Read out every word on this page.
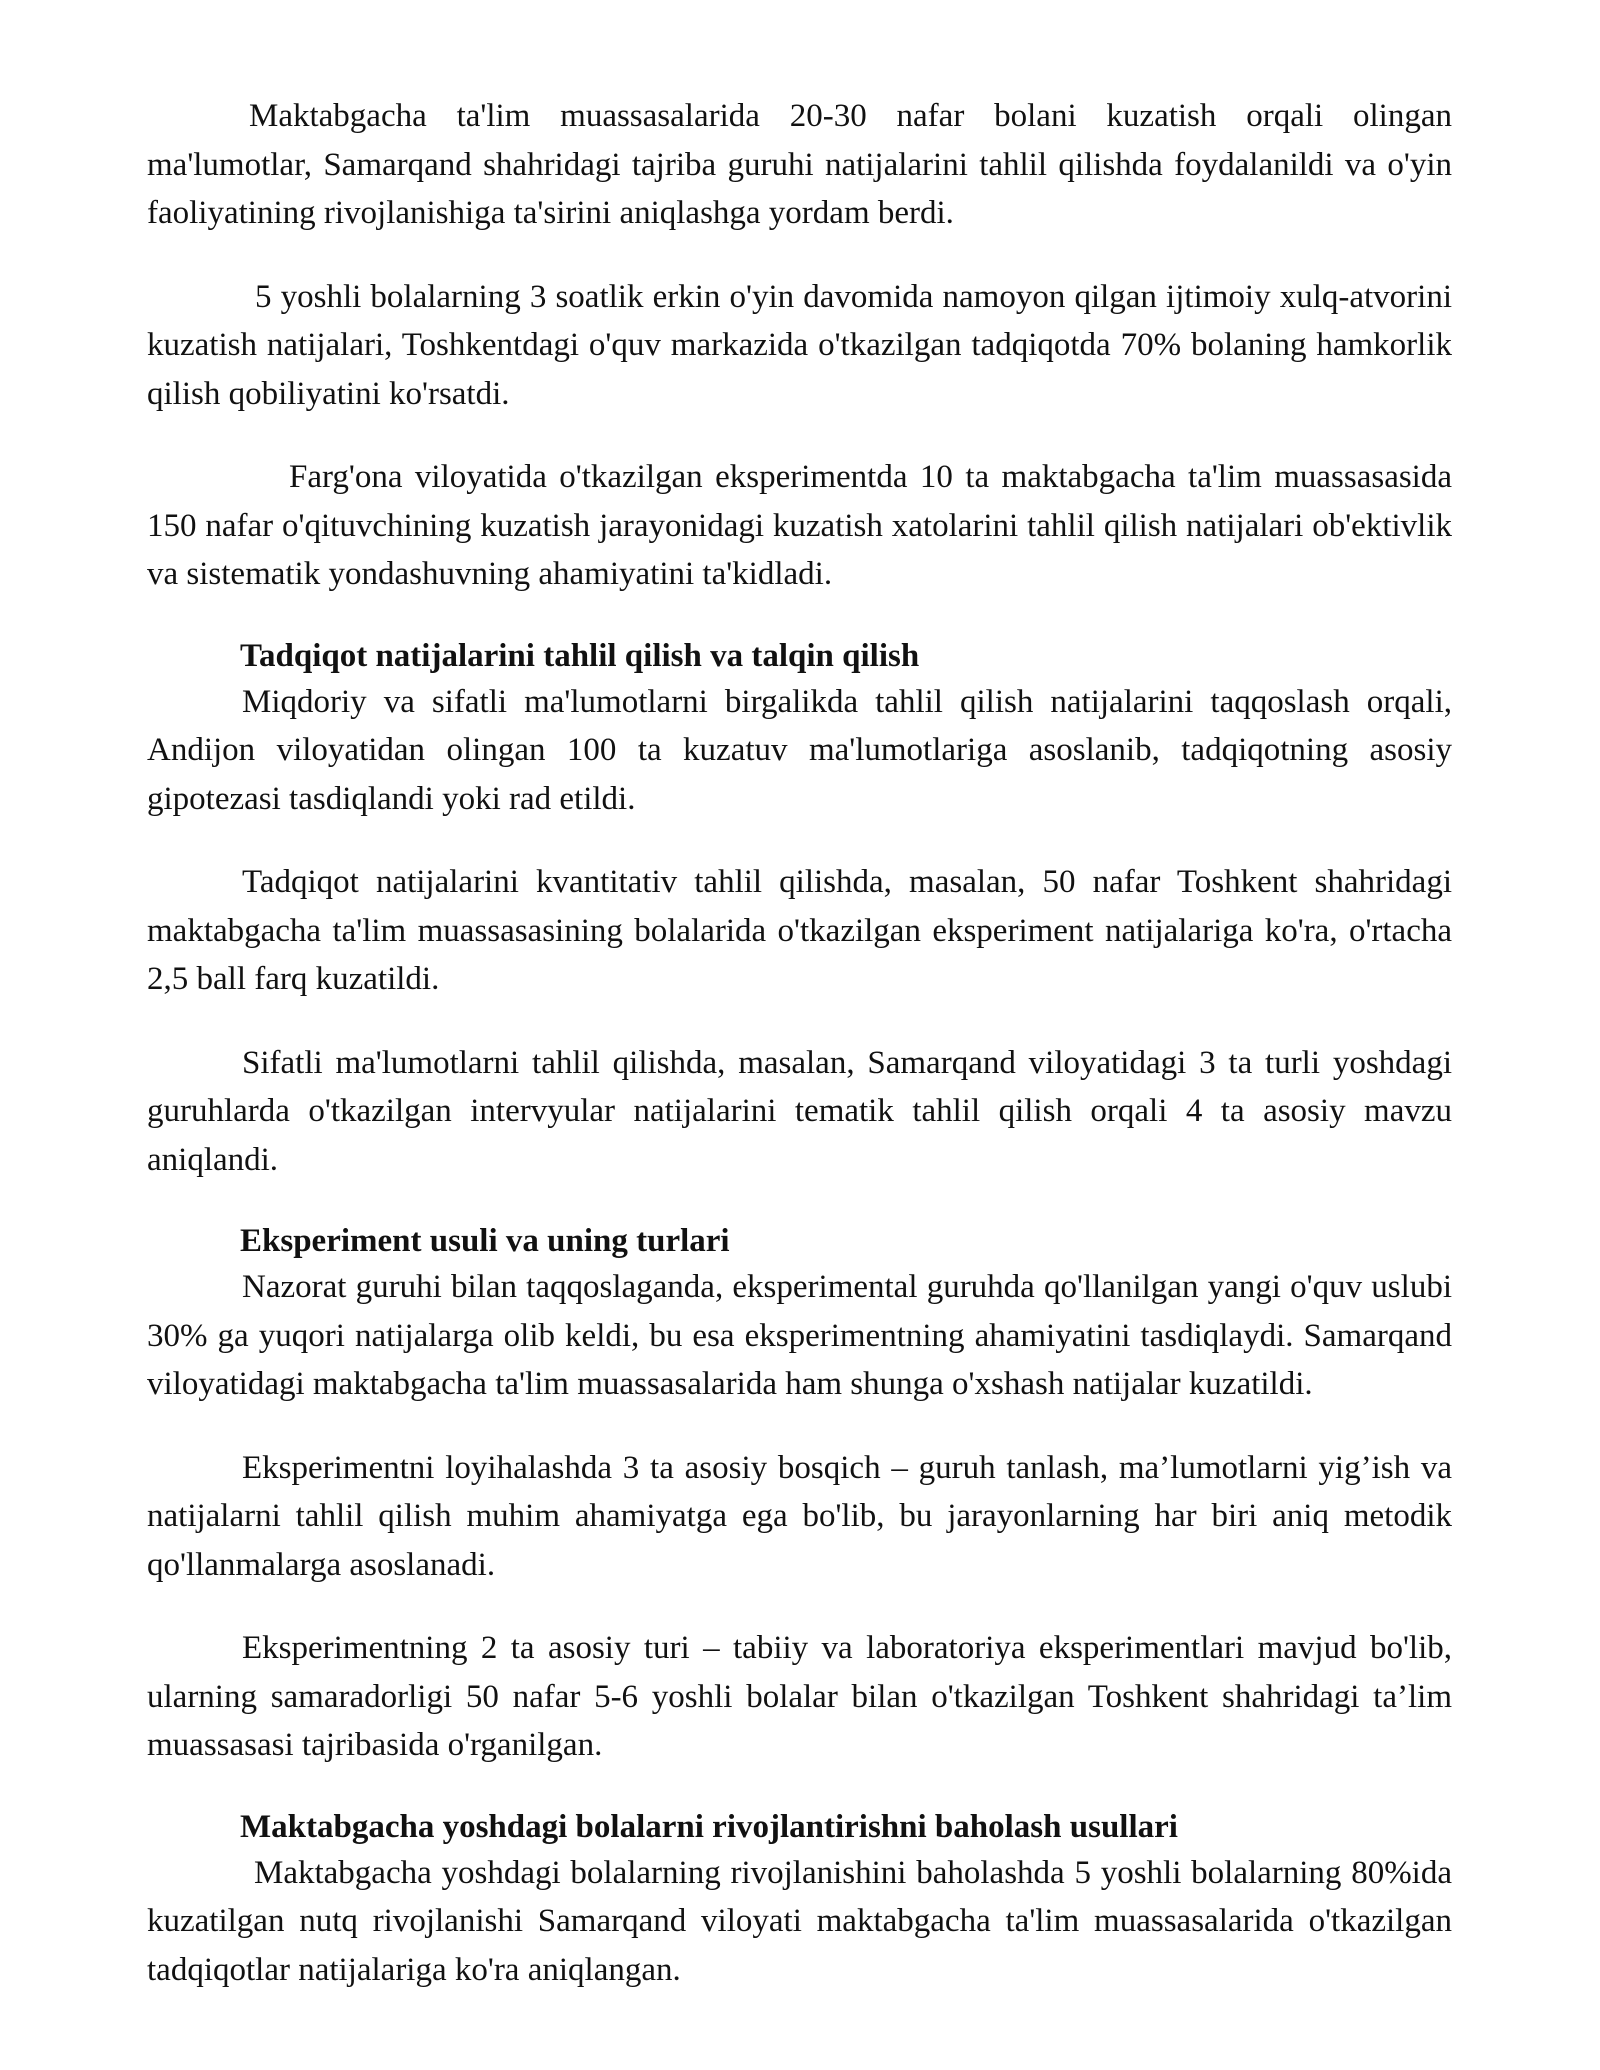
Maktabgacha ta'lim muassasalarida 20-30 nafar bolani kuzatish orqali olingan ma'lumotlar, Samarqand shahridagi tajriba guruhi natijalarini tahlil qilishda foydalanildi va o'yin faoliyatining rivojlanishiga ta'sirini aniqlashga yordam berdi.

5 yoshli bolalarning 3 soatlik erkin o'yin davomida namoyon qilgan ijtimoiy xulq-atvorini kuzatish natijalari, Toshkentdagi o'quv markazida o'tkazilgan tadqiqotda 70% bolaning hamkorlik qilish qobiliyatini ko'rsatdi.

Farg'ona viloyatida o'tkazilgan eksperimentda 10 ta maktabgacha ta'lim muassasasida 150 nafar o'qituvchining kuzatish jarayonidagi kuzatish xatolarini tahlil qilish natijalari ob'ektivlik va sistematik yondashuvning ahamiyatini ta'kidladi.

Tadqiqot natijalarini tahlil qilish va talqin qilish

Miqdoriy va sifatli ma'lumotlarni birgalikda tahlil qilish natijalarini taqqoslash orqali, Andijon viloyatidan olingan 100 ta kuzatuv ma'lumotlariga asoslanib, tadqiqotning asosiy gipotezasi tasdiqlandi yoki rad etildi.

Tadqiqot natijalarini kvantitativ tahlil qilishda, masalan, 50 nafar Toshkent shahridagi maktabgacha ta'lim muassasasining bolalarida o'tkazilgan eksperiment natijalariga ko'ra, o'rtacha 2,5 ball farq kuzatildi.

Sifatli ma'lumotlarni tahlil qilishda, masalan, Samarqand viloyatidagi 3 ta turli yoshdagi guruhlarda o'tkazilgan intervyular natijalarini tematik tahlil qilish orqali 4 ta asosiy mavzu aniqlandi.

Eksperiment usuli va uning turlari

Nazorat guruhi bilan taqqoslaganda, eksperimental guruhda qo'llanilgan yangi o'quv uslubi 30% ga yuqori natijalarga olib keldi, bu esa eksperimentning ahamiyatini tasdiqlaydi. Samarqand viloyatidagi maktabgacha ta'lim muassasalarida ham shunga o'xshash natijalar kuzatildi.

Eksperimentni loyihalashda 3 ta asosiy bosqich – guruh tanlash, ma’lumotlarni yig’ish va natijalarni tahlil qilish muhim ahamiyatga ega bo'lib, bu jarayonlarning har biri aniq metodik qo'llanmalarga asoslanadi.

Eksperimentning 2 ta asosiy turi – tabiiy va laboratoriya eksperimentlari mavjud bo'lib, ularning samaradorligi 50 nafar 5-6 yoshli bolalar bilan o'tkazilgan Toshkent shahridagi ta’lim muassasasi tajribasida o'rganilgan.

Maktabgacha yoshdagi bolalarni rivojlantirishni baholash usullari

Maktabgacha yoshdagi bolalarning rivojlanishini baholashda 5 yoshli bolalarning 80%ida kuzatilgan nutq rivojlanishi Samarqand viloyati maktabgacha ta'lim muassasalarida o'tkazilgan tadqiqotlar natijalariga ko'ra aniqlangan.
